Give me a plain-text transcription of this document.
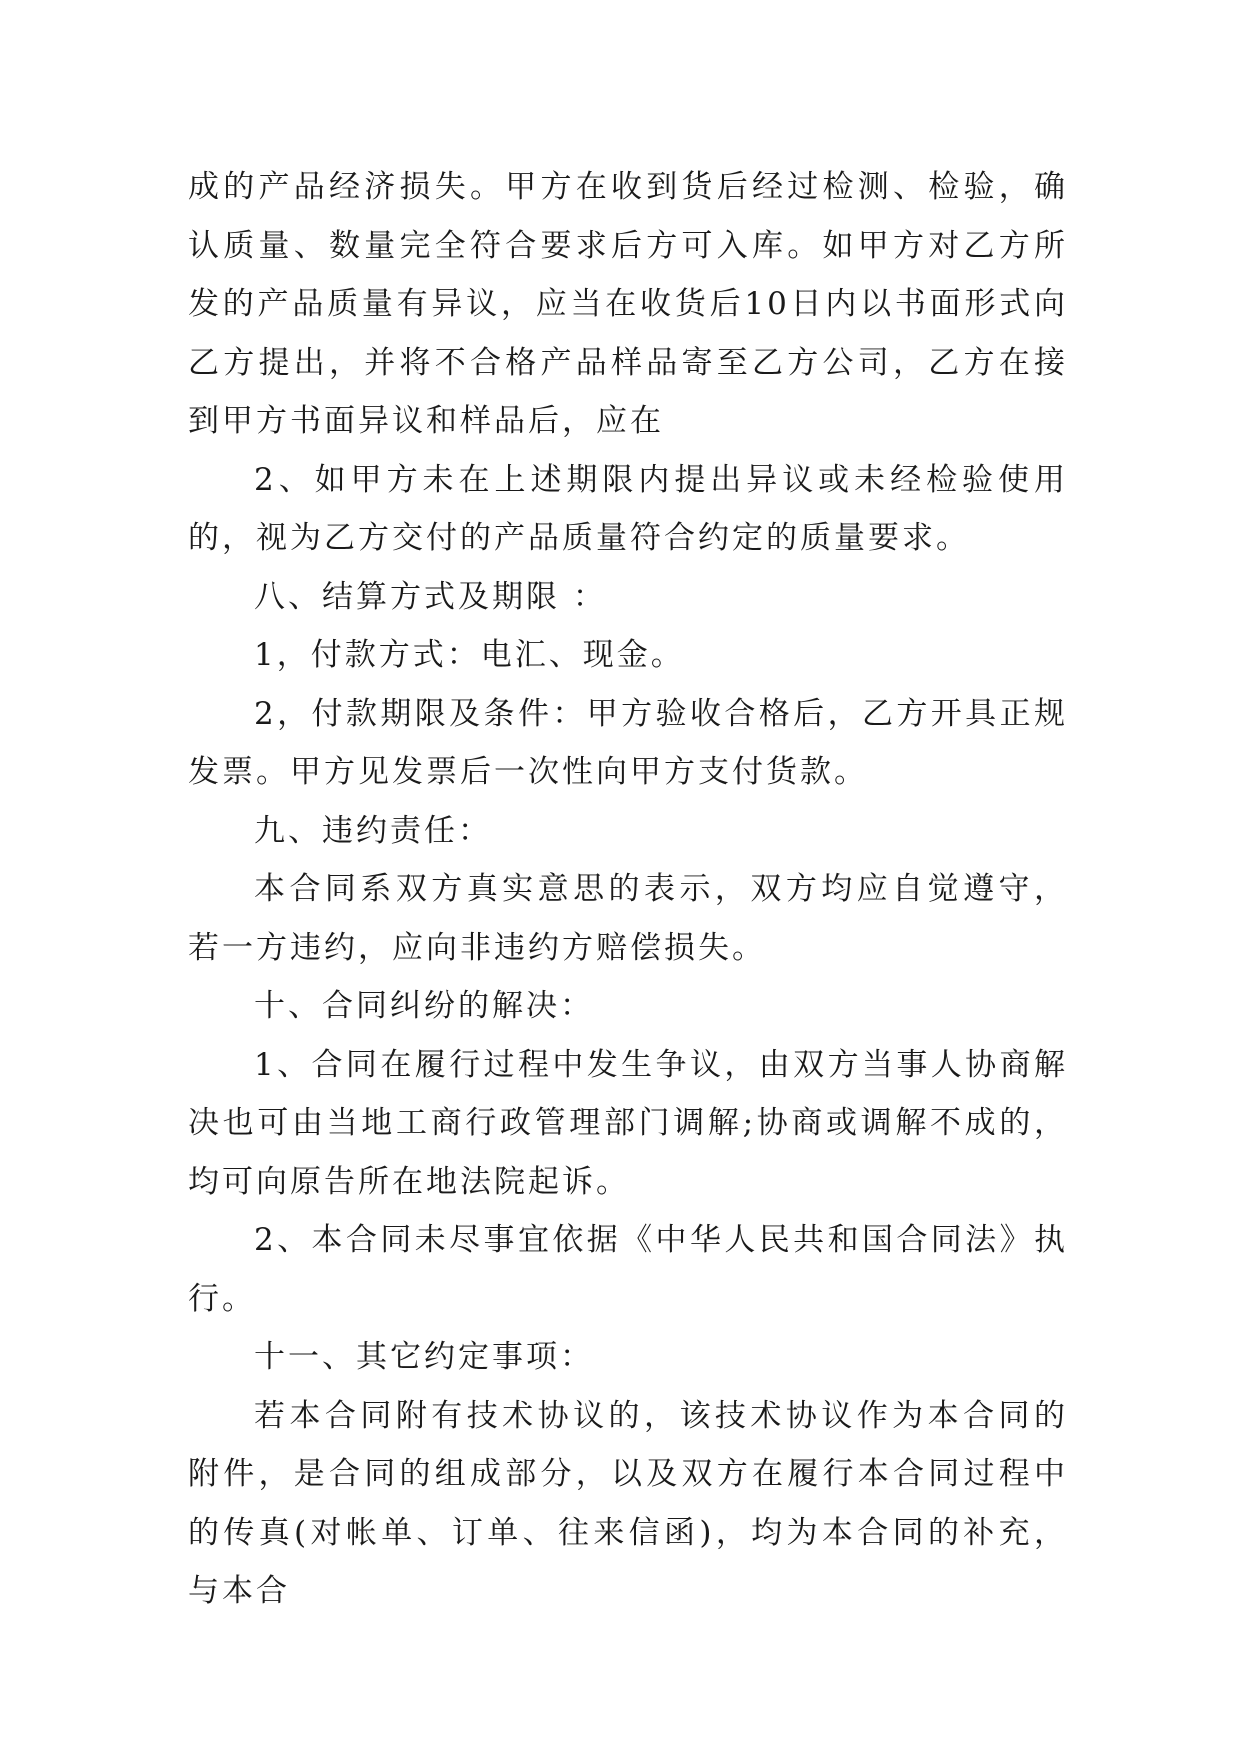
成的产品经济损失。甲方在收到货后经过检测、检验，确认质量、数量完全符合要求后方可入库。如甲方对乙方所发的产品质量有异议，应当在收货后10日内以书面形式向乙方提出，并将不合格产品样品寄至乙方公司，乙方在接到甲方书面异议和样品后，应在

2、如甲方未在上述期限内提出异议或未经检验使用的，视为乙方交付的产品质量符合约定的质量要求。

八、结算方式及期限 ：

1，付款方式：电汇、现金。

2，付款期限及条件：甲方验收合格后，乙方开具正规发票。甲方见发票后一次性向甲方支付货款。

九、违约责任：

本合同系双方真实意思的表示，双方均应自觉遵守，若一方违约，应向非违约方赔偿损失。

十、合同纠纷的解决：

1、合同在履行过程中发生争议，由双方当事人协商解决也可由当地工商行政管理部门调解;协商或调解不成的，均可向原告所在地法院起诉。

2、本合同未尽事宜依据《中华人民共和国合同法》执行。

十一、其它约定事项：

若本合同附有技术协议的，该技术协议作为本合同的附件，是合同的组成部分，以及双方在履行本合同过程中的传真(对帐单、订单、往来信函)，均为本合同的补充，与本合
